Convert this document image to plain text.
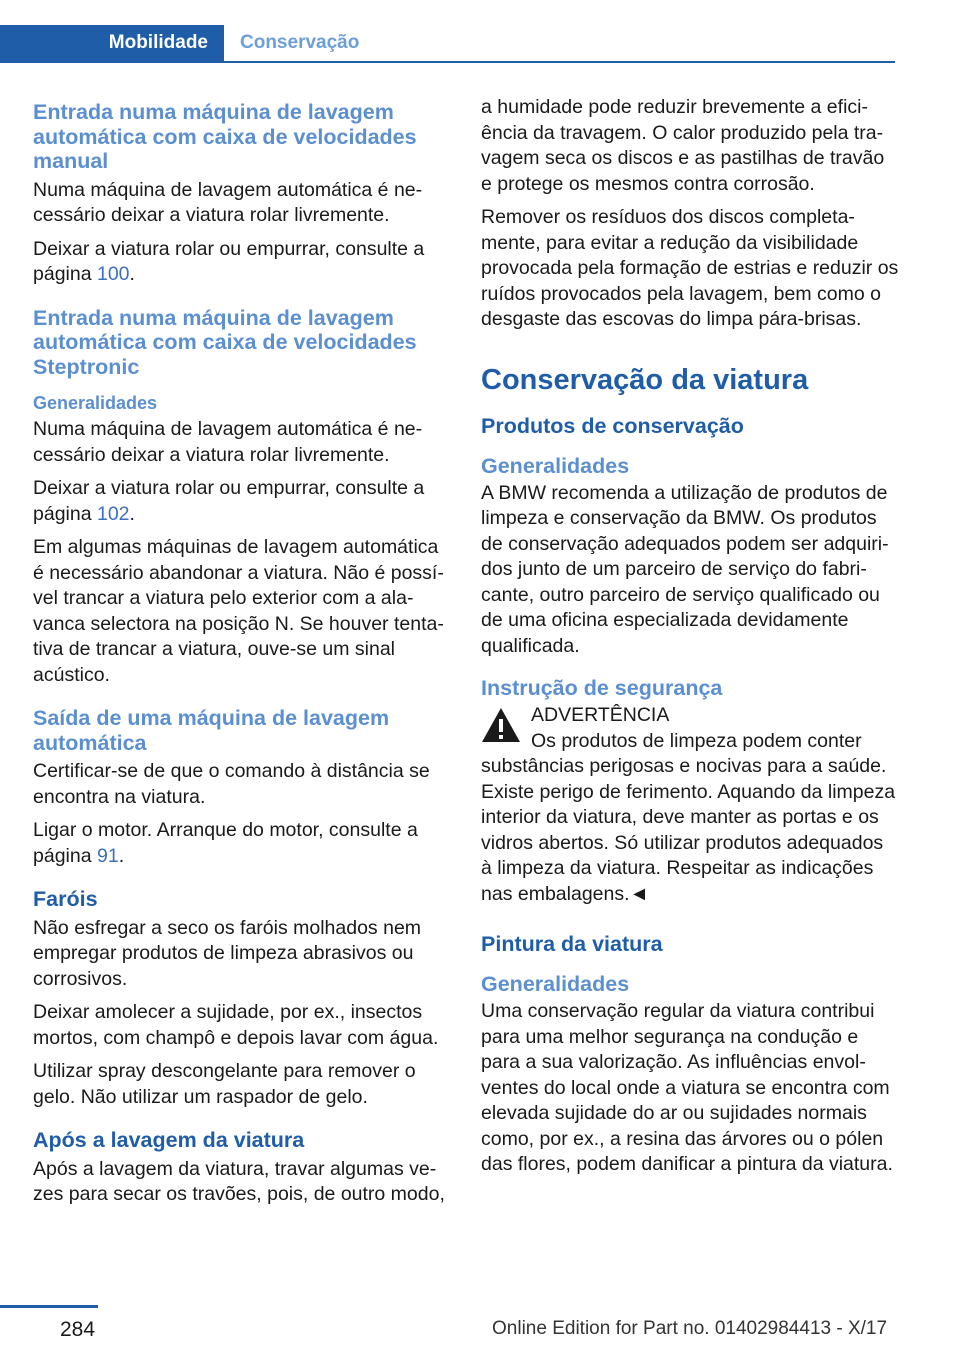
Mobilidade	Conservação
Entrada numa máquina de lavagem automática com caixa de velocidades manual

Numa máquina de lavagem automática é necessário deixar a viatura rolar livremente.

Deixar a viatura rolar ou empurrar, consulte a página 100.

Entrada numa máquina de lavagem automática com caixa de velocidades Steptronic
Generalidades

Numa máquina de lavagem automática é necessário deixar a viatura rolar livremente.

Deixar a viatura rolar ou empurrar, consulte a página 102.

Em algumas máquinas de lavagem automática é necessário abandonar a viatura. Não é possível trancar a viatura pelo exterior com a alavanca selectora na posição N. Se houver tentativa de trancar a viatura, ouve-se um sinal acústico.

Saída de uma máquina de lavagem automática

Certificar-se de que o comando à distância se encontra na viatura.

Ligar o motor. Arranque do motor, consulte a página 91.

Faróis

Não esfregar a seco os faróis molhados nem empregar produtos de limpeza abrasivos ou corrosivos.

Deixar amolecer a sujidade, por ex., insectos mortos, com champô e depois lavar com água.

Utilizar spray descongelante para remover o gelo. Não utilizar um raspador de gelo.

Após a lavagem da viatura

Após a lavagem da viatura, travar algumas vezes para secar os travões, pois, de outro modo,

a humidade pode reduzir brevemente a eficiência da travagem. O calor produzido pela travagem seca os discos e as pastilhas de travão e protege os mesmos contra corrosão.

Remover os resíduos dos discos completamente, para evitar a redução da visibilidade provocada pela formação de estrias e reduzir os ruídos provocados pela lavagem, bem como o desgaste das escovas do limpa pára-brisas.

Conservação da viatura
Produtos de conservação
Generalidades

A BMW recomenda a utilização de produtos de limpeza e conservação da BMW. Os produtos de conservação adequados podem ser adquiridos junto de um parceiro de serviço do fabricante, outro parceiro de serviço qualificado ou de uma oficina especializada devidamente qualificada.

Instrução de segurança
ADVERTÊNCIA

Os produtos de limpeza podem conter substâncias perigosas e nocivas para a saúde. Existe perigo de ferimento. Aquando da limpeza interior da viatura, deve manter as portas e os vidros abertos. Só utilizar produtos adequados à limpeza da viatura. Respeitar as indicações nas embalagens.◄

Pintura da viatura
Generalidades

Uma conservação regular da viatura contribui para uma melhor segurança na condução e para a sua valorização. As influências envolventes do local onde a viatura se encontra com elevada sujidade do ar ou sujidades normais como, por ex., a resina das árvores ou o pólen das flores, podem danificar a pintura da viatura.

284	Online Edition for Part no. 01402984413 - X/17
